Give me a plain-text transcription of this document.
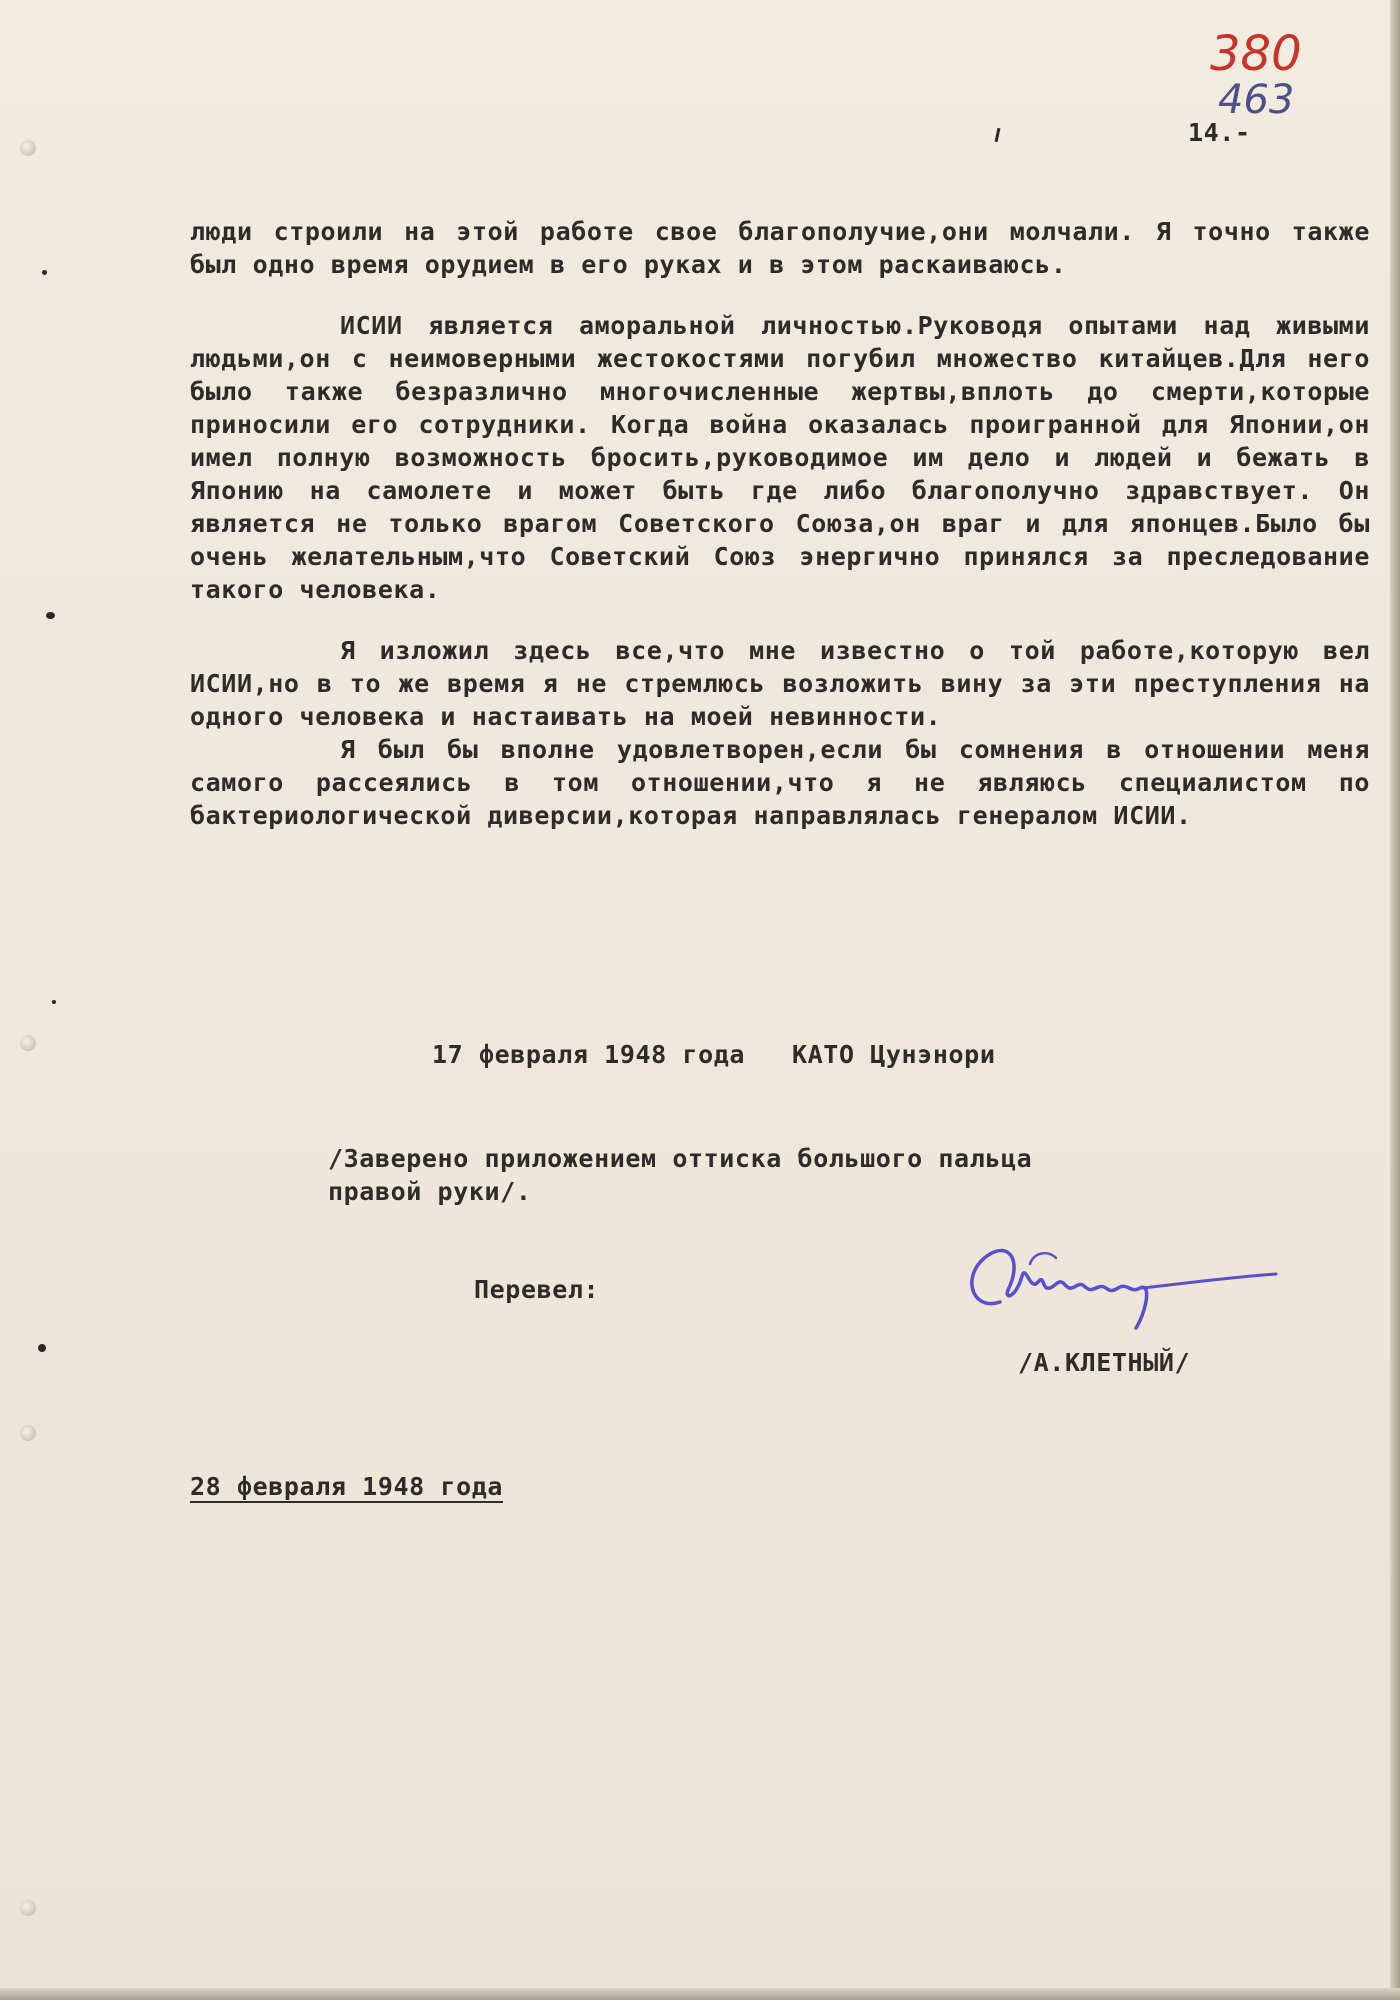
380
463
14.-

люди строили на этой работе свое благополучие,они молчали. Я точно также был одно время орудием в его руках и в этом раскаиваюсь.

ИСИИ является аморальной личностью.Руководя опытами над живыми людьми,он с неимоверными жестокостями погубил множество китайцев.Для него было также безразлично многочисленные жертвы,вплоть до смерти,которые приносили его сотрудники. Когда война оказалась проигранной для Японии,он имел полную возможность бросить,руководимое им дело и людей и бежать в Японию на самолете и может быть где либо благополучно здравствует. Он является не только врагом Советского Союза,он враг и для японцев.Было бы очень желательным,что Советский Союз энергично принялся за преследование такого человека.

Я изложил здесь все,что мне известно о той работе,которую вел ИСИИ,но в то же время я не стремлюсь возложить вину за эти преступления на одного человека и настаивать на моей невинности.

Я был бы вполне удовлетворен,если бы сомнения в отношении меня самого рассеялись в том отношении,что я не являюсь специалистом по бактериологической диверсии,которая направлялась генералом ИСИИ.

17 февраля 1948 года КАТО Цунэнори
/Заверено приложением оттиска большого пальца
правой руки/.
Перевел:
/А.КЛЕТНЫЙ/
28 февраля 1948 года
